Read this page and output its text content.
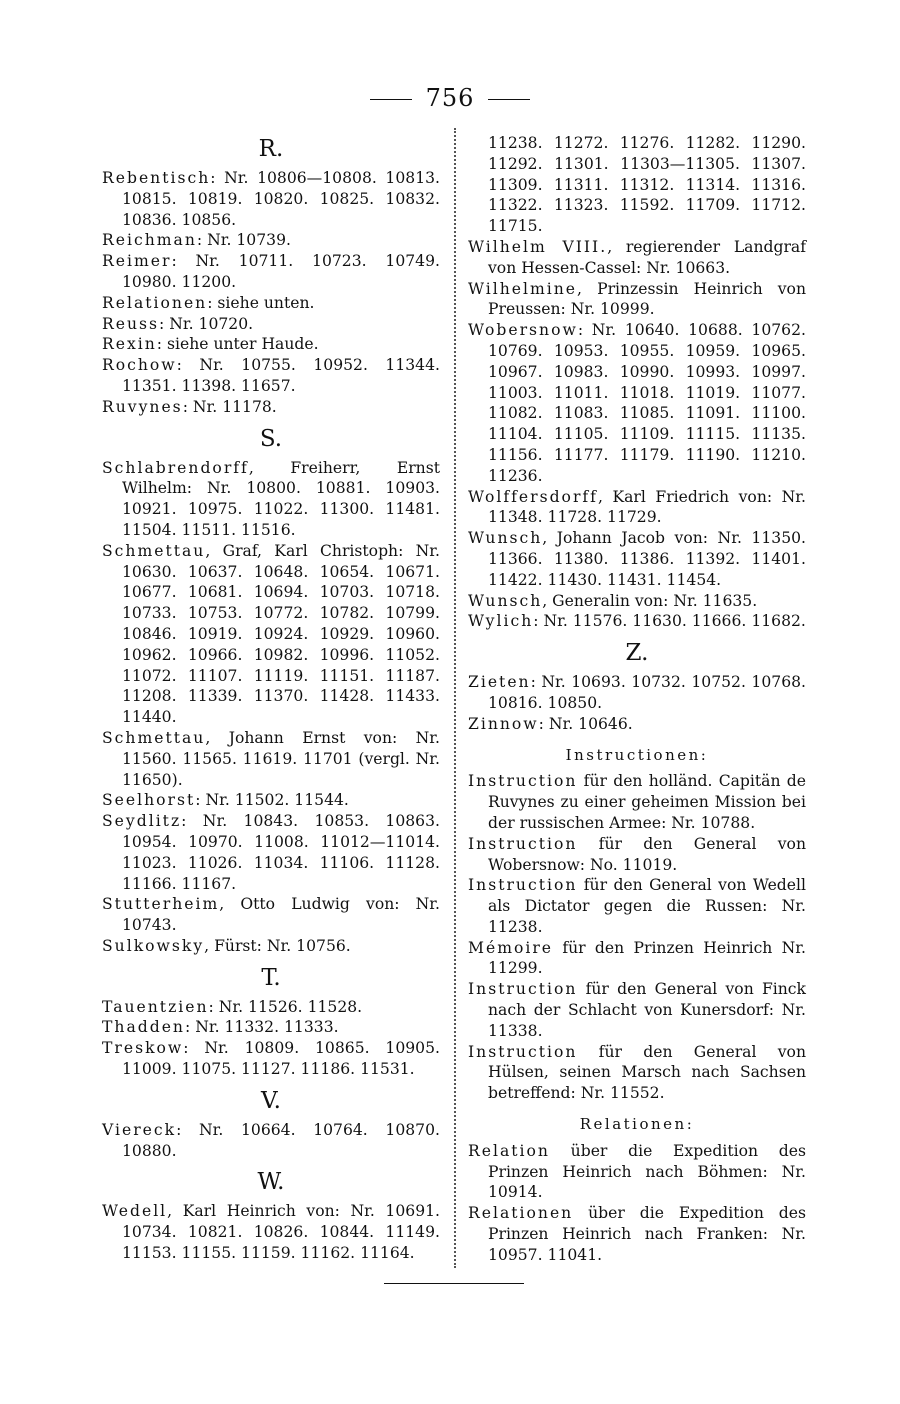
756
R.

Rebentisch: Nr. 10806—10808. 10813. 10815. 10819. 10820. 10825. 10832. 10836. 10856.

Reichman: Nr. 10739.

Reimer: Nr. 10711. 10723. 10749. 10980. 11200.

Relationen: siehe unten.

Reuss: Nr. 10720.

Rexin: siehe unter Haude.

Rochow: Nr. 10755. 10952. 11344. 11351. 11398. 11657.

Ruvynes: Nr. 11178.

S.

Schlabrendorff, Freiherr, Ernst Wilhelm: Nr. 10800. 10881. 10903. 10921. 10975. 11022. 11300. 11481. 11504. 11511. 11516.

Schmettau, Graf, Karl Christoph: Nr. 10630. 10637. 10648. 10654. 10671. 10677. 10681. 10694. 10703. 10718. 10733. 10753. 10772. 10782. 10799. 10846. 10919. 10924. 10929. 10960. 10962. 10966. 10982. 10996. 11052. 11072. 11107. 11119. 11151. 11187. 11208. 11339. 11370. 11428. 11433. 11440.

Schmettau, Johann Ernst von: Nr. 11560. 11565. 11619. 11701 (vergl. Nr. 11650).

Seelhorst: Nr. 11502. 11544.

Seydlitz: Nr. 10843. 10853. 10863. 10954. 10970. 11008. 11012—11014. 11023. 11026. 11034. 11106. 11128. 11166. 11167.

Stutterheim, Otto Ludwig von: Nr. 10743.

Sulkowsky, Fürst: Nr. 10756.

T.

Tauentzien: Nr. 11526. 11528.

Thadden: Nr. 11332. 11333.

Treskow: Nr. 10809. 10865. 10905. 11009. 11075. 11127. 11186. 11531.

V.

Viereck: Nr. 10664. 10764. 10870. 10880.

W.

Wedell, Karl Heinrich von: Nr. 10691. 10734. 10821. 10826. 10844. 11149. 11153. 11155. 11159. 11162. 11164.

11238. 11272. 11276. 11282. 11290. 11292. 11301. 11303—11305. 11307. 11309. 11311. 11312. 11314. 11316. 11322. 11323. 11592. 11709. 11712. 11715.

Wilhelm VIII., regierender Landgraf von Hessen-Cassel: Nr. 10663.

Wilhelmine, Prinzessin Heinrich von Preussen: Nr. 10999.

Wobersnow: Nr. 10640. 10688. 10762. 10769. 10953. 10955. 10959. 10965. 10967. 10983. 10990. 10993. 10997. 11003. 11011. 11018. 11019. 11077. 11082. 11083. 11085. 11091. 11100. 11104. 11105. 11109. 11115. 11135. 11156. 11177. 11179. 11190. 11210. 11236.

Wolffersdorff, Karl Friedrich von: Nr. 11348. 11728. 11729.

Wunsch, Johann Jacob von: Nr. 11350. 11366. 11380. 11386. 11392. 11401. 11422. 11430. 11431. 11454.

Wunsch, Generalin von: Nr. 11635.

Wylich: Nr. 11576. 11630. 11666. 11682.

Z.

Zieten: Nr. 10693. 10732. 10752. 10768. 10816. 10850.

Zinnow: Nr. 10646.

Instructionen:

Instruction für den holländ. Capitän de Ruvynes zu einer geheimen Mission bei der russischen Armee: Nr. 10788.

Instruction für den General von Wobersnow: No. 11019.

Instruction für den General von Wedell als Dictator gegen die Russen: Nr. 11238.

Mémoire für den Prinzen Heinrich Nr. 11299.

Instruction für den General von Finck nach der Schlacht von Kunersdorf: Nr. 11338.

Instruction für den General von Hülsen, seinen Marsch nach Sachsen betreffend: Nr. 11552.

Relationen:

Relation über die Expedition des Prinzen Heinrich nach Böhmen: Nr. 10914.

Relationen über die Expedition des Prinzen Heinrich nach Franken: Nr. 10957. 11041.
